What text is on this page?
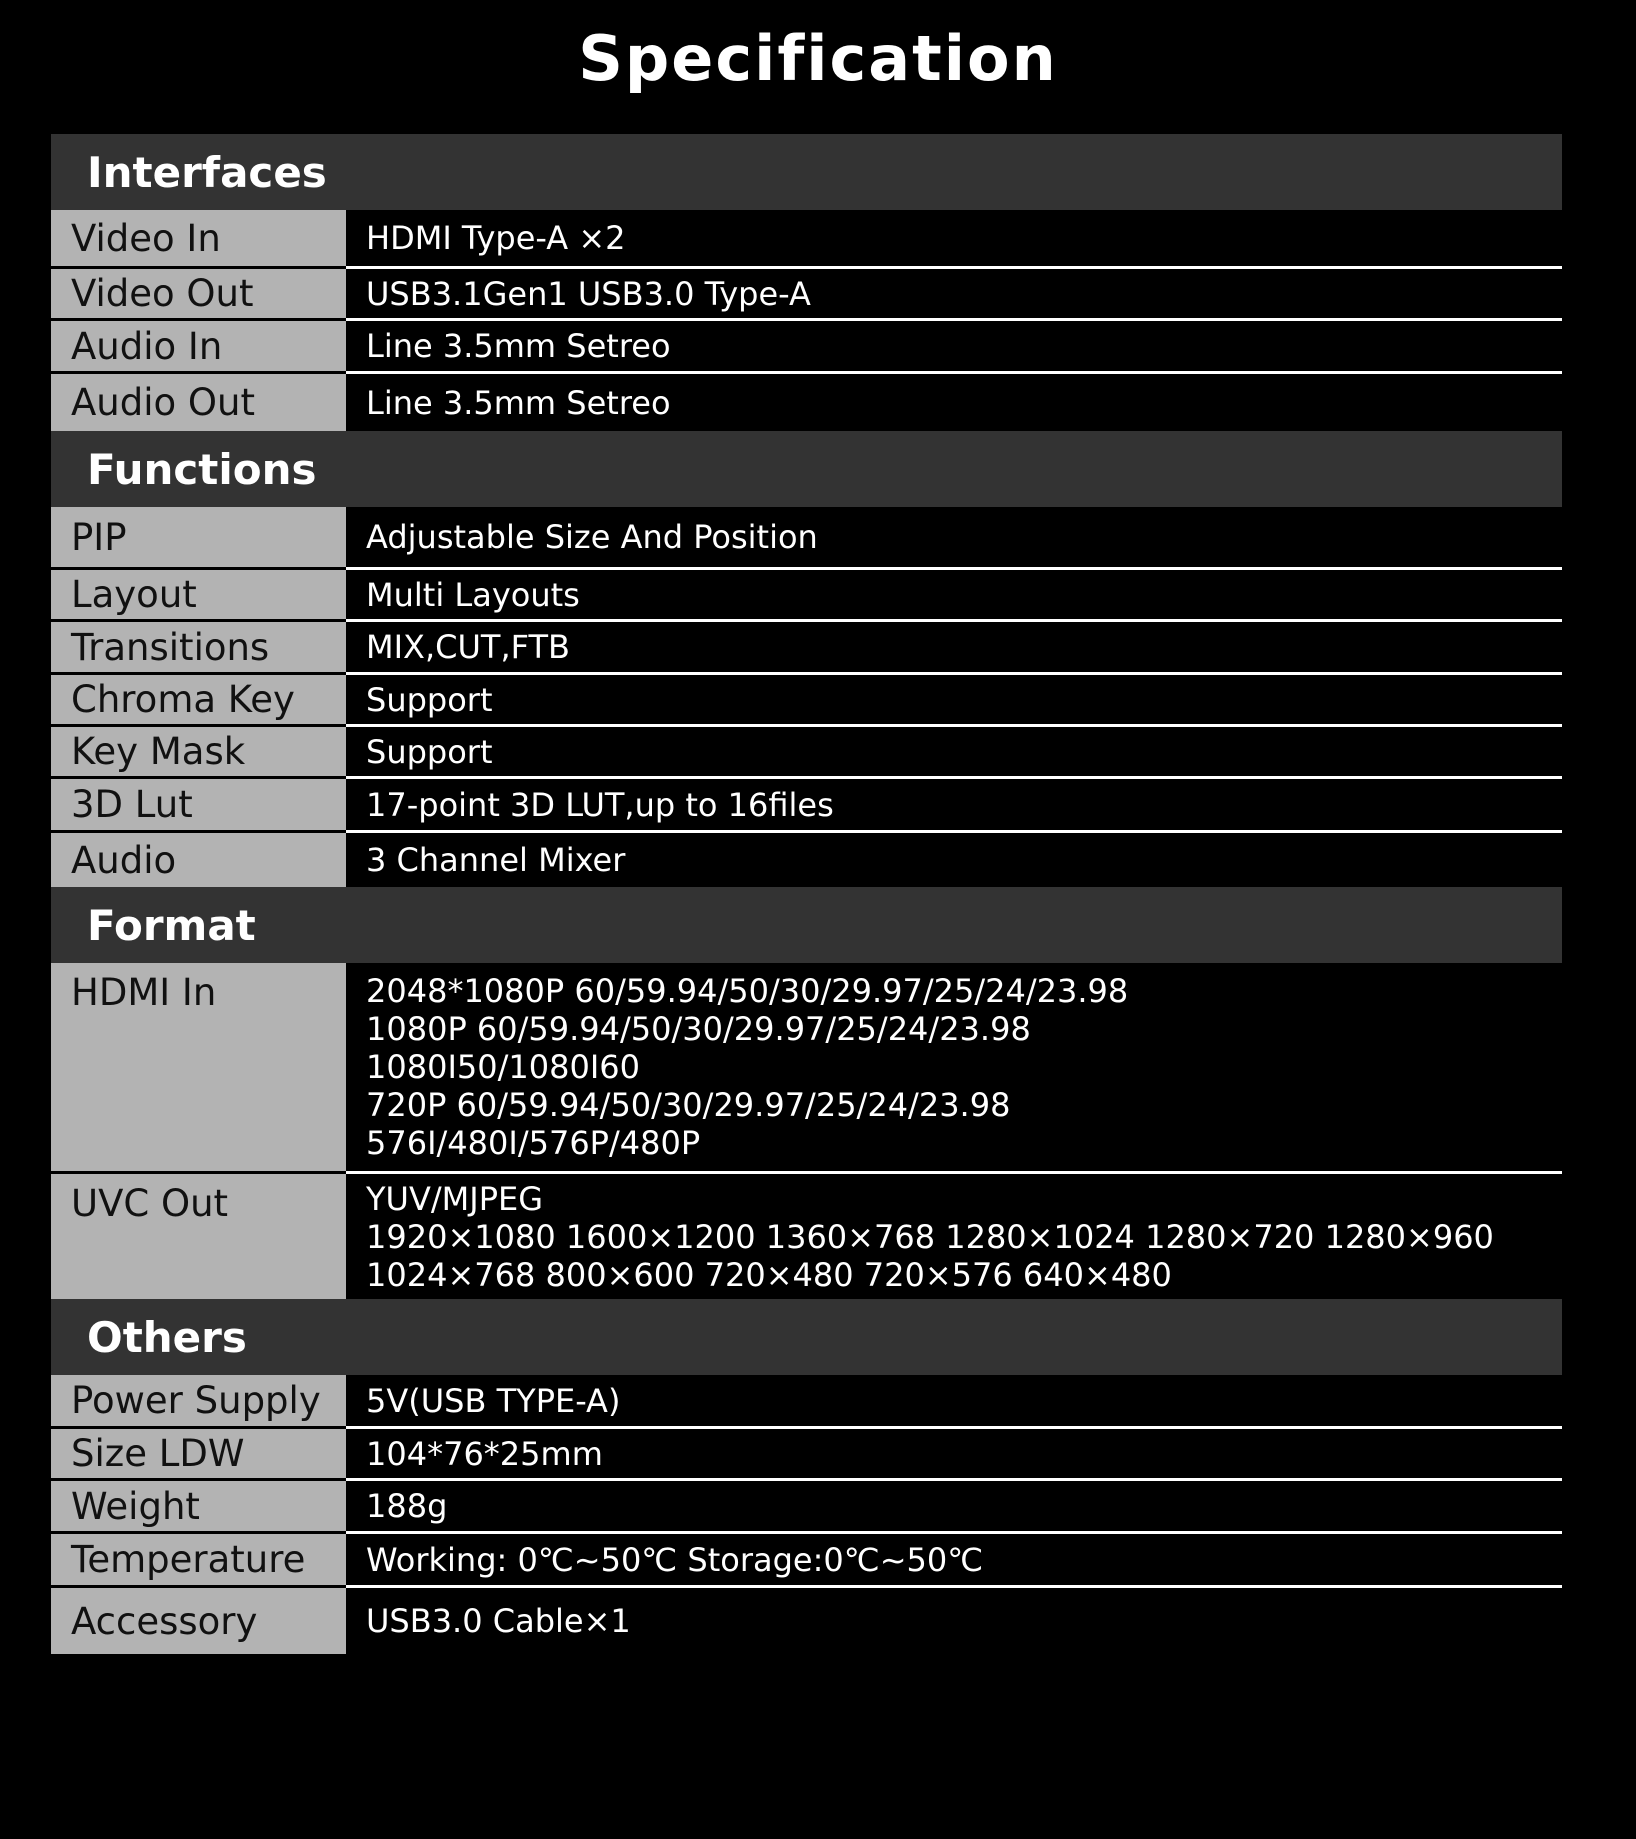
Specification
Interfaces
Video In	HDMI Type-A ×2
Video Out	USB3.1Gen1 USB3.0 Type-A
Audio In	Line 3.5mm Setreo
Audio Out	Line 3.5mm Setreo
Functions
PIP	Adjustable Size And Position
Layout	Multi Layouts
Transitions	MIX,CUT,FTB
Chroma Key	Support
Key Mask	Support
3D Lut	17-point 3D LUT,up to 16files
Audio	3 Channel Mixer
Format
HDMI In	2048*1080P 60/59.94/50/30/29.97/25/24/23.98
1080P 60/59.94/50/30/29.97/25/24/23.98
1080I50/1080I60
720P 60/59.94/50/30/29.97/25/24/23.98
576I/480I/576P/480P
UVC Out	YUV/MJPEG
1920×1080 1600×1200 1360×768 1280×1024 1280×720 1280×960
1024×768 800×600 720×480 720×576 640×480
Others
Power Supply	5V(USB TYPE-A)
Size LDW	104*76*25mm
Weight	188g
Temperature	Working: 0℃~50℃ Storage:0℃~50℃
Accessory	USB3.0 Cable×1
